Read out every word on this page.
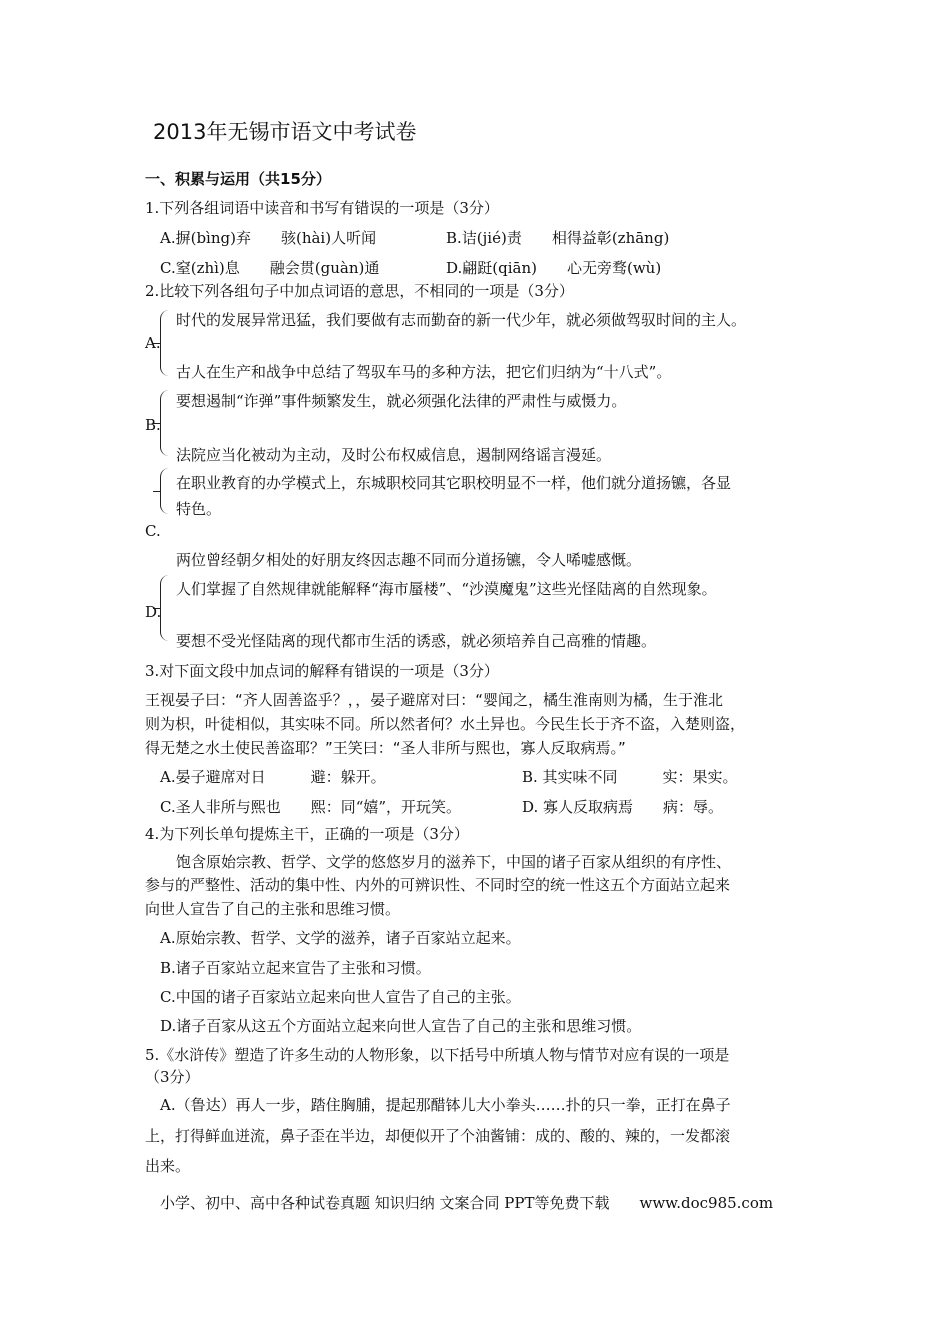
2013年无锡市语文中考试卷
一、积累与运用（共15分）
1.下列各组词语中读音和书写有错误的一项是（3分）
A.摒(bìng)弃　　骇(hài)人听闻	B.诘(jié)责　　相得益彰(zhāng)
C.窒(zhì)息　　融会贯(guàn)通	D.翩跹(qiān)　　心无旁骛(wù)
2.比较下列各组句子中加点词语的意思，不相同的一项是（3分）
A.
时代的发展异常迅猛，我们要做有志而勤奋的新一代少年，就必须做驾驭时间的主人。
古人在生产和战争中总结了驾驭车马的多种方法，把它们归纳为“十八式”。
B.
要想遏制“诈弹”事件频繁发生，就必须强化法律的严肃性与威慑力。
法院应当化被动为主动，及时公布权威信息，遏制网络谣言漫延。
在职业教育的办学模式上，东城职校同其它职校明显不一样，他们就分道扬镳，各显
特色。
C.
两位曾经朝夕相处的好朋友终因志趣不同而分道扬镳，令人唏嘘感慨。
D.
人们掌握了自然规律就能解释“海市蜃楼”、“沙漠魔鬼”这些光怪陆离的自然现象。
要想不受光怪陆离的现代都市生活的诱惑，就必须培养自己高雅的情趣。
3.对下面文段中加点词的解释有错误的一项是（3分）
王视晏子曰：“齐人固善盗乎？，，晏子避席对曰：“婴闻之，橘生淮南则为橘，生于淮北
则为枳，叶徒相似，其实味不同。所以然者何？水土异也。今民生长于齐不盗，入楚则盗，
得无楚之水土使民善盗耶？”王笑曰：“圣人非所与熙也，寡人反取病焉。”
A.晏子避席对日　　　避：躲开。	B. 其实味不同　　　实：果实。
C.圣人非所与熙也　　熙：同“嬉”，开玩笑。	D. 寡人反取病焉　　病：辱。
4.为下列长单句提炼主干，正确的一项是（3分）
饱含原始宗教、哲学、文学的悠悠岁月的滋养下，中国的诸子百家从组织的有序性、
参与的严整性、活动的集中性、内外的可辨识性、不同时空的统一性这五个方面站立起来
向世人宣告了自己的主张和思维习惯。
A.原始宗教、哲学、文学的滋养，诸子百家站立起来。
B.诸子百家站立起来宣告了主张和习惯。
C.中国的诸子百家站立起来向世人宣告了自己的主张。
D.诸子百家从这五个方面站立起来向世人宣告了自己的主张和思维习惯。
5.《水浒传》塑造了许多生动的人物形象，以下括号中所填人物与情节对应有误的一项是
（3分）
A.（鲁达）再人一步，踏住胸脯，提起那醋钵儿大小拳头……扑的只一拳，正打在鼻子
上，打得鲜血迸流，鼻子歪在半边，却便似开了个油酱铺：成的、酸的、辣的，一发都滚
出来。
小学、初中、高中各种试卷真题 知识归纳 文案合同 PPT等免费下载　　www.doc985.com
